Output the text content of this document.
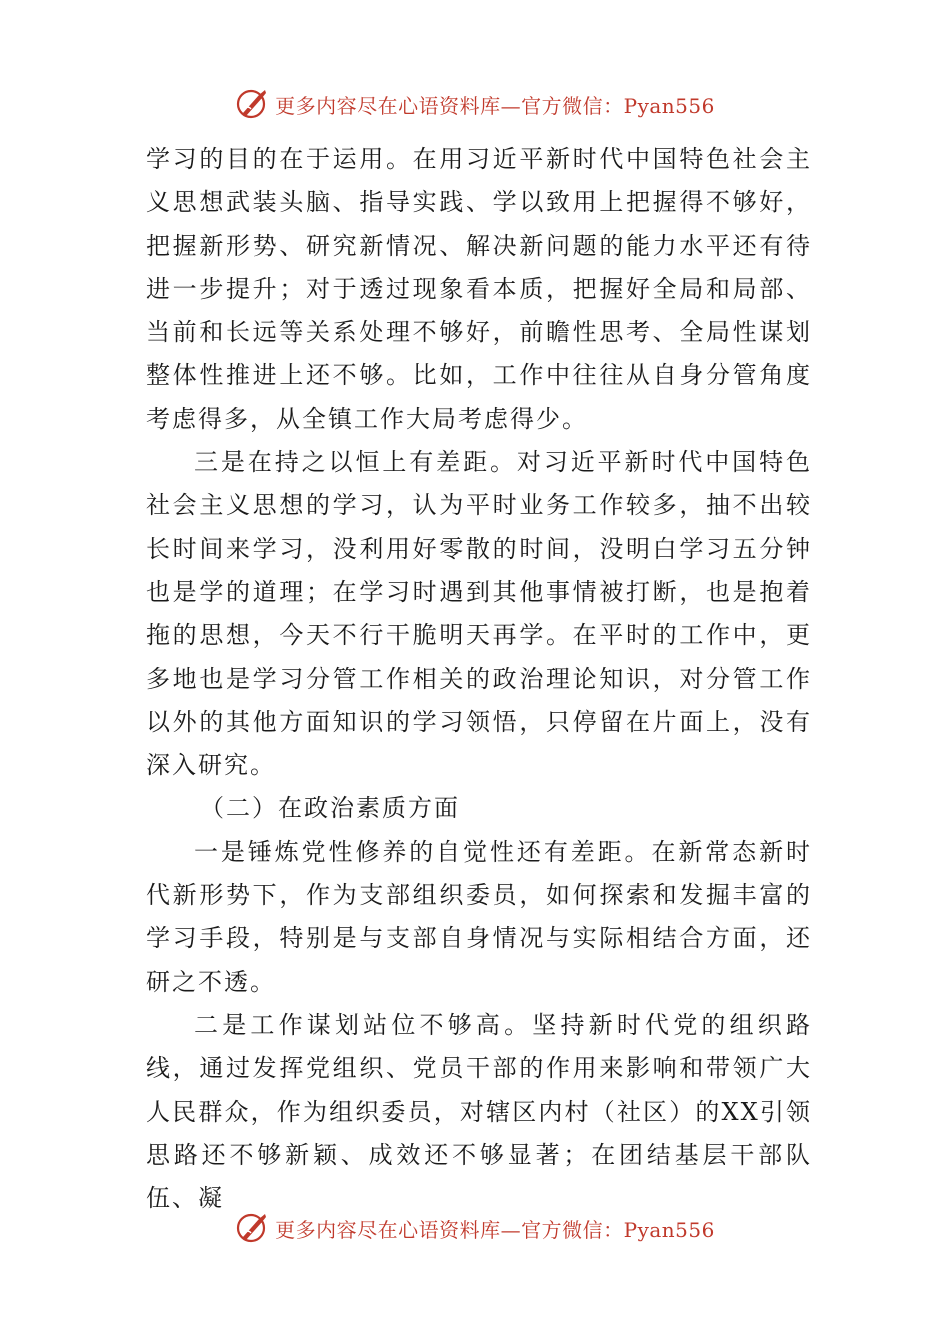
更多内容尽在心语资料库—官方微信：Pyan556

学习的目的在于运用。在用习近平新时代中国特色社会主义思想武装头脑、指导实践、学以致用上把握得不够好，把握新形势、研究新情况、解决新问题的能力水平还有待进一步提升；对于透过现象看本质，把握好全局和局部、当前和长远等关系处理不够好，前瞻性思考、全局性谋划整体性推进上还不够。比如，工作中往往从自身分管角度考虑得多，从全镇工作大局考虑得少。

三是在持之以恒上有差距。对习近平新时代中国特色社会主义思想的学习，认为平时业务工作较多，抽不出较长时间来学习，没利用好零散的时间，没明白学习五分钟也是学的道理；在学习时遇到其他事情被打断，也是抱着拖的思想，今天不行干脆明天再学。在平时的工作中，更多地也是学习分管工作相关的政治理论知识，对分管工作以外的其他方面知识的学习领悟，只停留在片面上，没有深入研究。

（二）在政治素质方面

一是锤炼党性修养的自觉性还有差距。在新常态新时代新形势下，作为支部组织委员，如何探索和发掘丰富的学习手段，特别是与支部自身情况与实际相结合方面，还研之不透。

二是工作谋划站位不够高。坚持新时代党的组织路线，通过发挥党组织、党员干部的作用来影响和带领广大人民群众，作为组织委员，对辖区内村（社区）的XX引领思路还不够新颖、成效还不够显著；在团结基层干部队伍、凝

更多内容尽在心语资料库—官方微信：Pyan556
